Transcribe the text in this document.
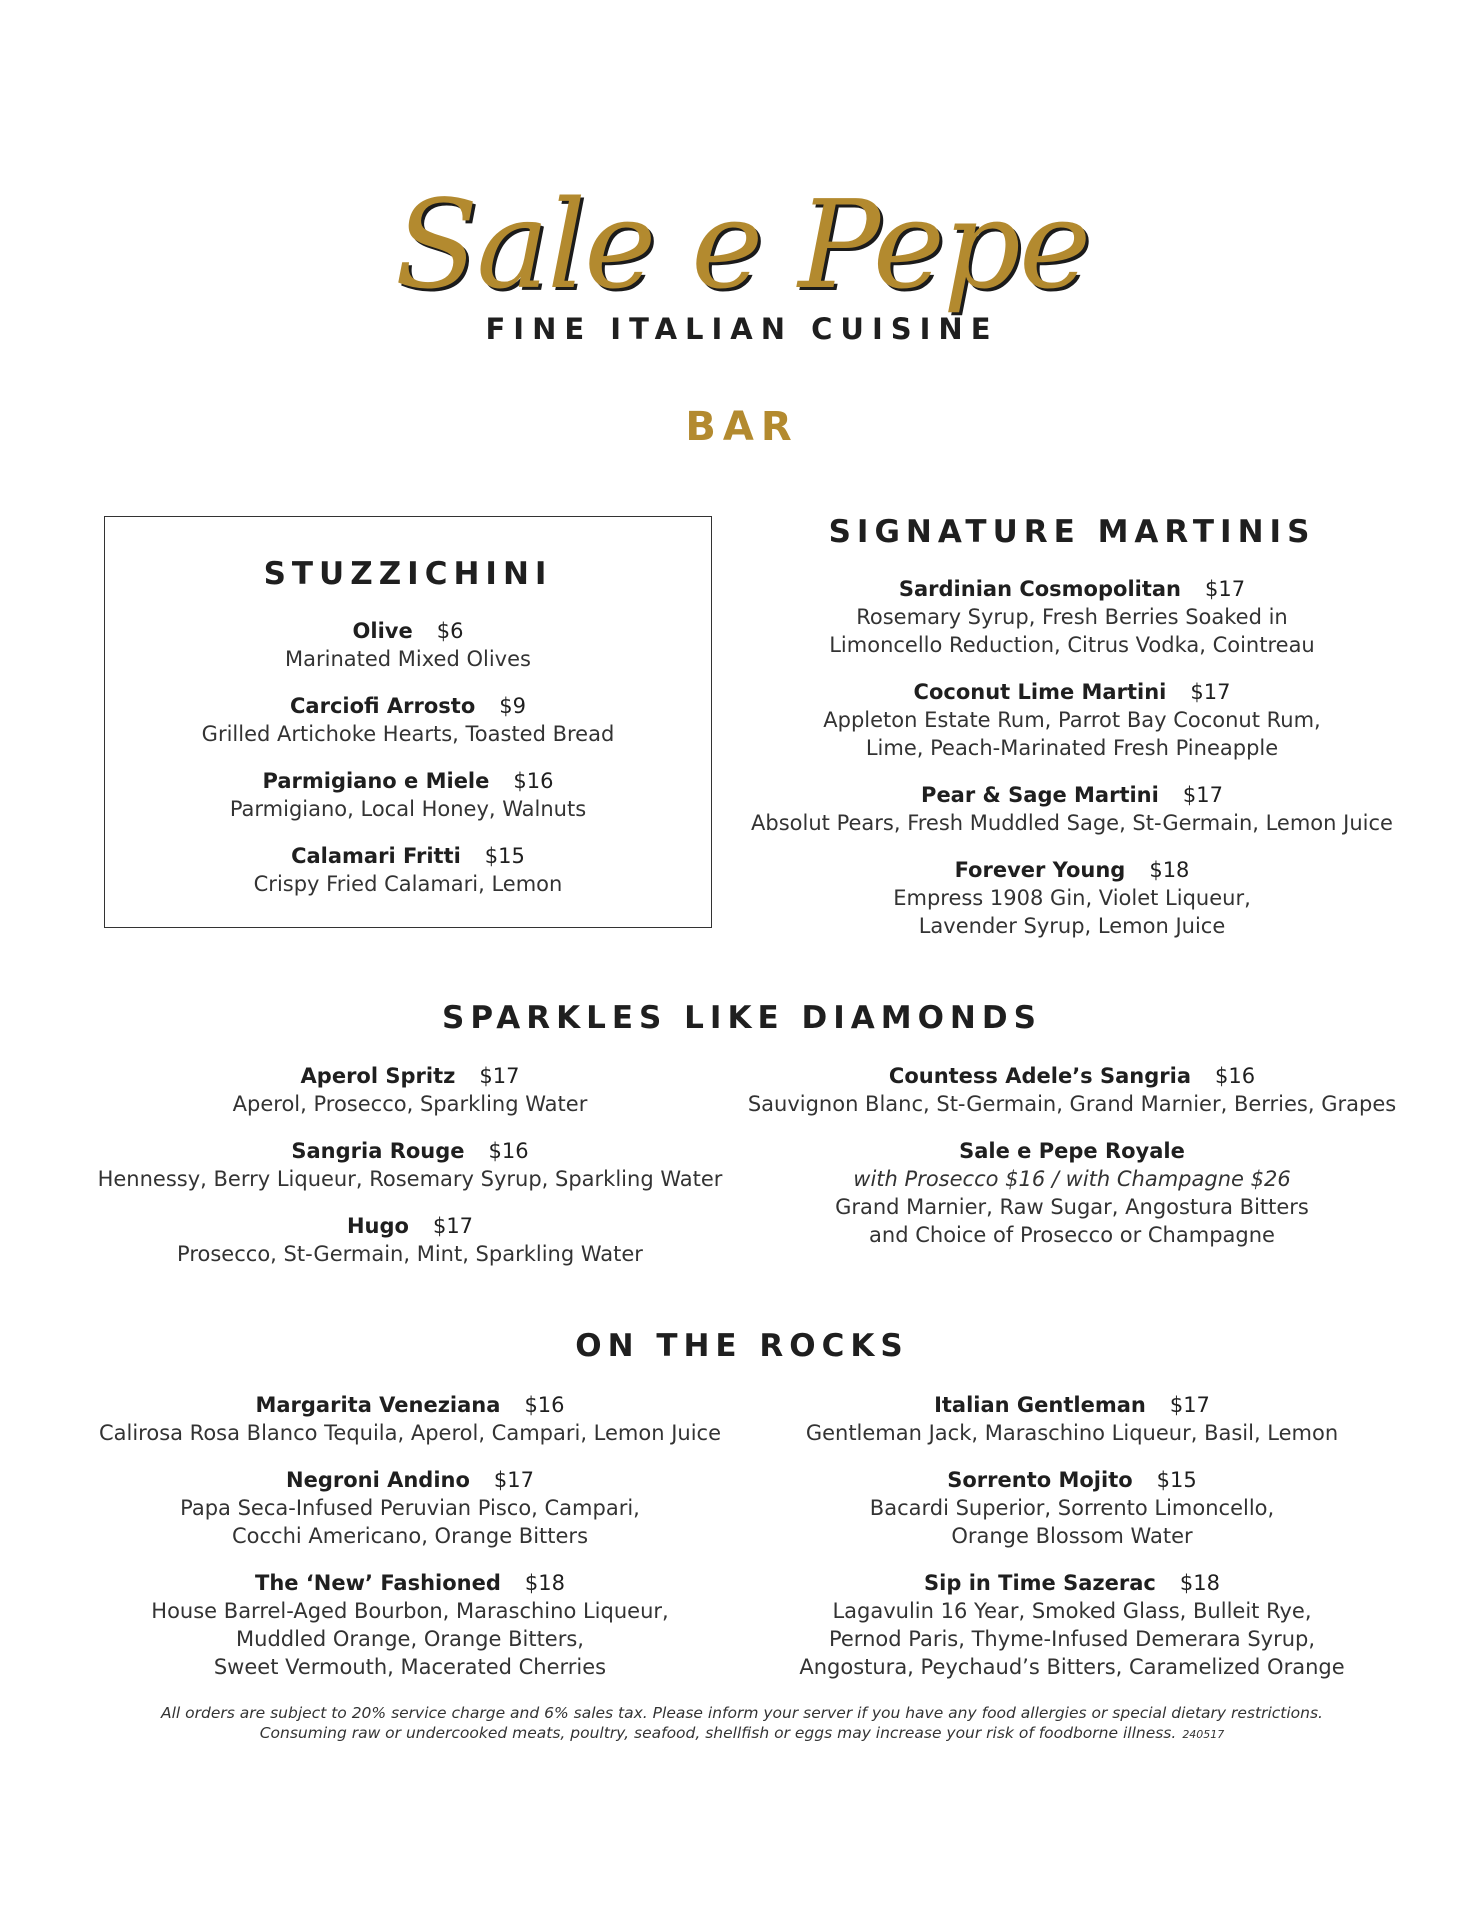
Sale e Pepe
FINE ITALIAN CUISINE
BAR
STUZZICHINI
Olive $6
Marinated Mixed Olives
Carciofi Arrosto $9
Grilled Artichoke Hearts, Toasted Bread
Parmigiano e Miele $16
Parmigiano, Local Honey, Walnuts
Calamari Fritti $15
Crispy Fried Calamari, Lemon
SIGNATURE MARTINIS
Sardinian Cosmopolitan $17
Rosemary Syrup, Fresh Berries Soaked in
Limoncello Reduction, Citrus Vodka, Cointreau
Coconut Lime Martini $17
Appleton Estate Rum, Parrot Bay Coconut Rum,
Lime, Peach-Marinated Fresh Pineapple
Pear & Sage Martini $17
Absolut Pears, Fresh Muddled Sage, St-Germain, Lemon Juice
Forever Young $18
Empress 1908 Gin, Violet Liqueur,
Lavender Syrup, Lemon Juice
SPARKLES LIKE DIAMONDS
Aperol Spritz $17
Aperol, Prosecco, Sparkling Water
Sangria Rouge $16
Hennessy, Berry Liqueur, Rosemary Syrup, Sparkling Water
Hugo $17
Prosecco, St-Germain, Mint, Sparkling Water
Countess Adele’s Sangria $16
Sauvignon Blanc, St-Germain, Grand Marnier, Berries, Grapes
Sale e Pepe Royale
with Prosecco $16 / with Champagne $26
Grand Marnier, Raw Sugar, Angostura Bitters
and Choice of Prosecco or Champagne
ON THE ROCKS
Margarita Veneziana $16
Calirosa Rosa Blanco Tequila, Aperol, Campari, Lemon Juice
Negroni Andino $17
Papa Seca-Infused Peruvian Pisco, Campari,
Cocchi Americano, Orange Bitters
The ‘New’ Fashioned $18
House Barrel-Aged Bourbon, Maraschino Liqueur,
Muddled Orange, Orange Bitters,
Sweet Vermouth, Macerated Cherries
Italian Gentleman $17
Gentleman Jack, Maraschino Liqueur, Basil, Lemon
Sorrento Mojito $15
Bacardi Superior, Sorrento Limoncello,
Orange Blossom Water
Sip in Time Sazerac $18
Lagavulin 16 Year, Smoked Glass, Bulleit Rye,
Pernod Paris, Thyme-Infused Demerara Syrup,
Angostura, Peychaud’s Bitters, Caramelized Orange
All orders are subject to 20% service charge and 6% sales tax. Please inform your server if you have any food allergies or special dietary restrictions.
Consuming raw or undercooked meats, poultry, seafood, shellfish or eggs may increase your risk of foodborne illness. 240517
